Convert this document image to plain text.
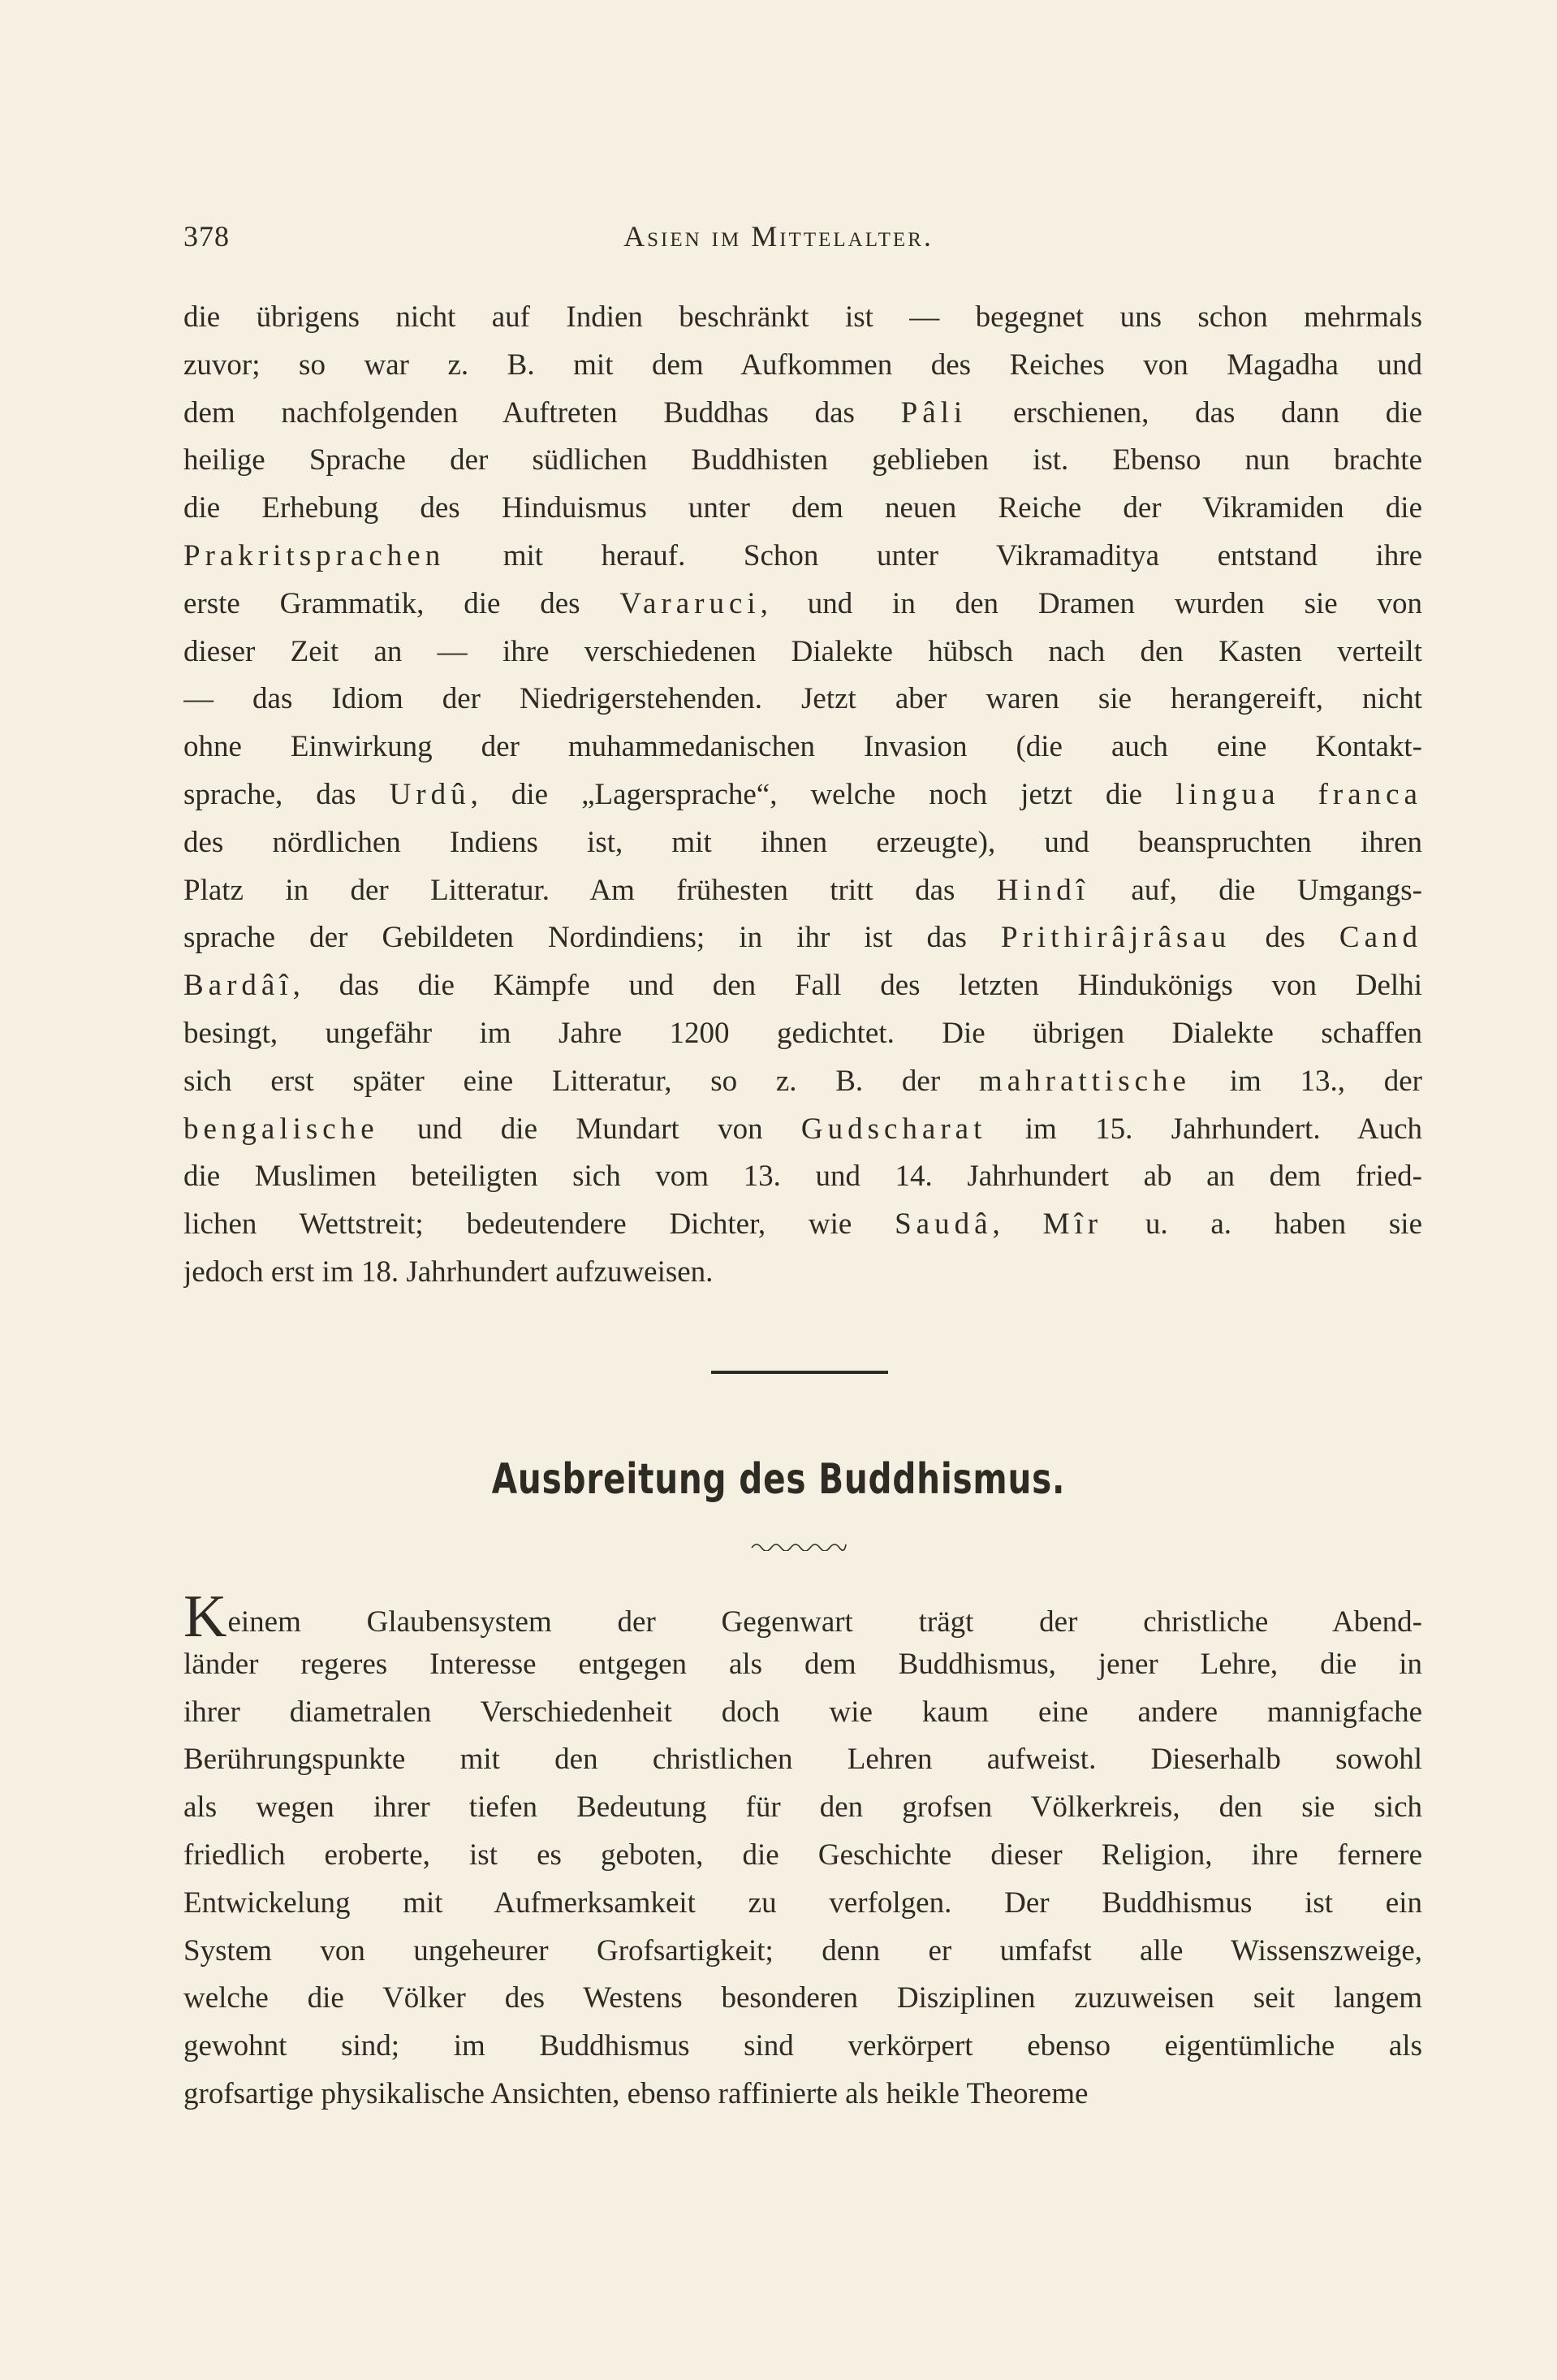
378	Asien im Mittelalter.
die übrigens nicht auf Indien beschränkt ist — begegnet uns schon mehrmals
zuvor; so war z. B. mit dem Aufkommen des Reiches von Magadha und
dem nachfolgenden Auftreten Buddhas das Pâli erschienen, das dann die
heilige Sprache der südlichen Buddhisten geblieben ist. Ebenso nun brachte
die Erhebung des Hinduismus unter dem neuen Reiche der Vikramiden die
Prakritsprachen mit herauf. Schon unter Vikramaditya entstand ihre
erste Grammatik, die des Vararuci, und in den Dramen wurden sie von
dieser Zeit an — ihre verschiedenen Dialekte hübsch nach den Kasten verteilt
— das Idiom der Niedrigerstehenden. Jetzt aber waren sie herangereift, nicht
ohne Einwirkung der muhammedanischen Invasion (die auch eine Kontakt-
sprache, das Urdû, die „Lagersprache“, welche noch jetzt die lingua franca
des nördlichen Indiens ist, mit ihnen erzeugte), und beanspruchten ihren
Platz in der Litteratur. Am frühesten tritt das Hindî auf, die Umgangs-
sprache der Gebildeten Nordindiens; in ihr ist das Prithirâjrâsau des Cand
Bardâî, das die Kämpfe und den Fall des letzten Hindukönigs von Delhi
besingt, ungefähr im Jahre 1200 gedichtet. Die übrigen Dialekte schaffen
sich erst später eine Litteratur, so z. B. der mahrattische im 13., der
bengalische und die Mundart von Gudscharat im 15. Jahrhundert. Auch
die Muslimen beteiligten sich vom 13. und 14. Jahrhundert ab an dem fried-
lichen Wettstreit; bedeutendere Dichter, wie Saudâ, Mîr u. a. haben sie
jedoch erst im 18. Jahrhundert aufzuweisen.
Ausbreitung des Buddhismus.
Keinem Glaubensystem der Gegenwart trägt der christliche Abend-
länder regeres Interesse entgegen als dem Buddhismus, jener Lehre, die in
ihrer diametralen Verschiedenheit doch wie kaum eine andere mannigfache
Berührungspunkte mit den christlichen Lehren aufweist. Dieserhalb sowohl
als wegen ihrer tiefen Bedeutung für den grofsen Völkerkreis, den sie sich
friedlich eroberte, ist es geboten, die Geschichte dieser Religion, ihre fernere
Entwickelung mit Aufmerksamkeit zu verfolgen. Der Buddhismus ist ein
System von ungeheurer Grofsartigkeit; denn er umfafst alle Wissenszweige,
welche die Völker des Westens besonderen Disziplinen zuzuweisen seit langem
gewohnt sind; im Buddhismus sind verkörpert ebenso eigentümliche als
grofsartige physikalische Ansichten, ebenso raffinierte als heikle Theoreme
